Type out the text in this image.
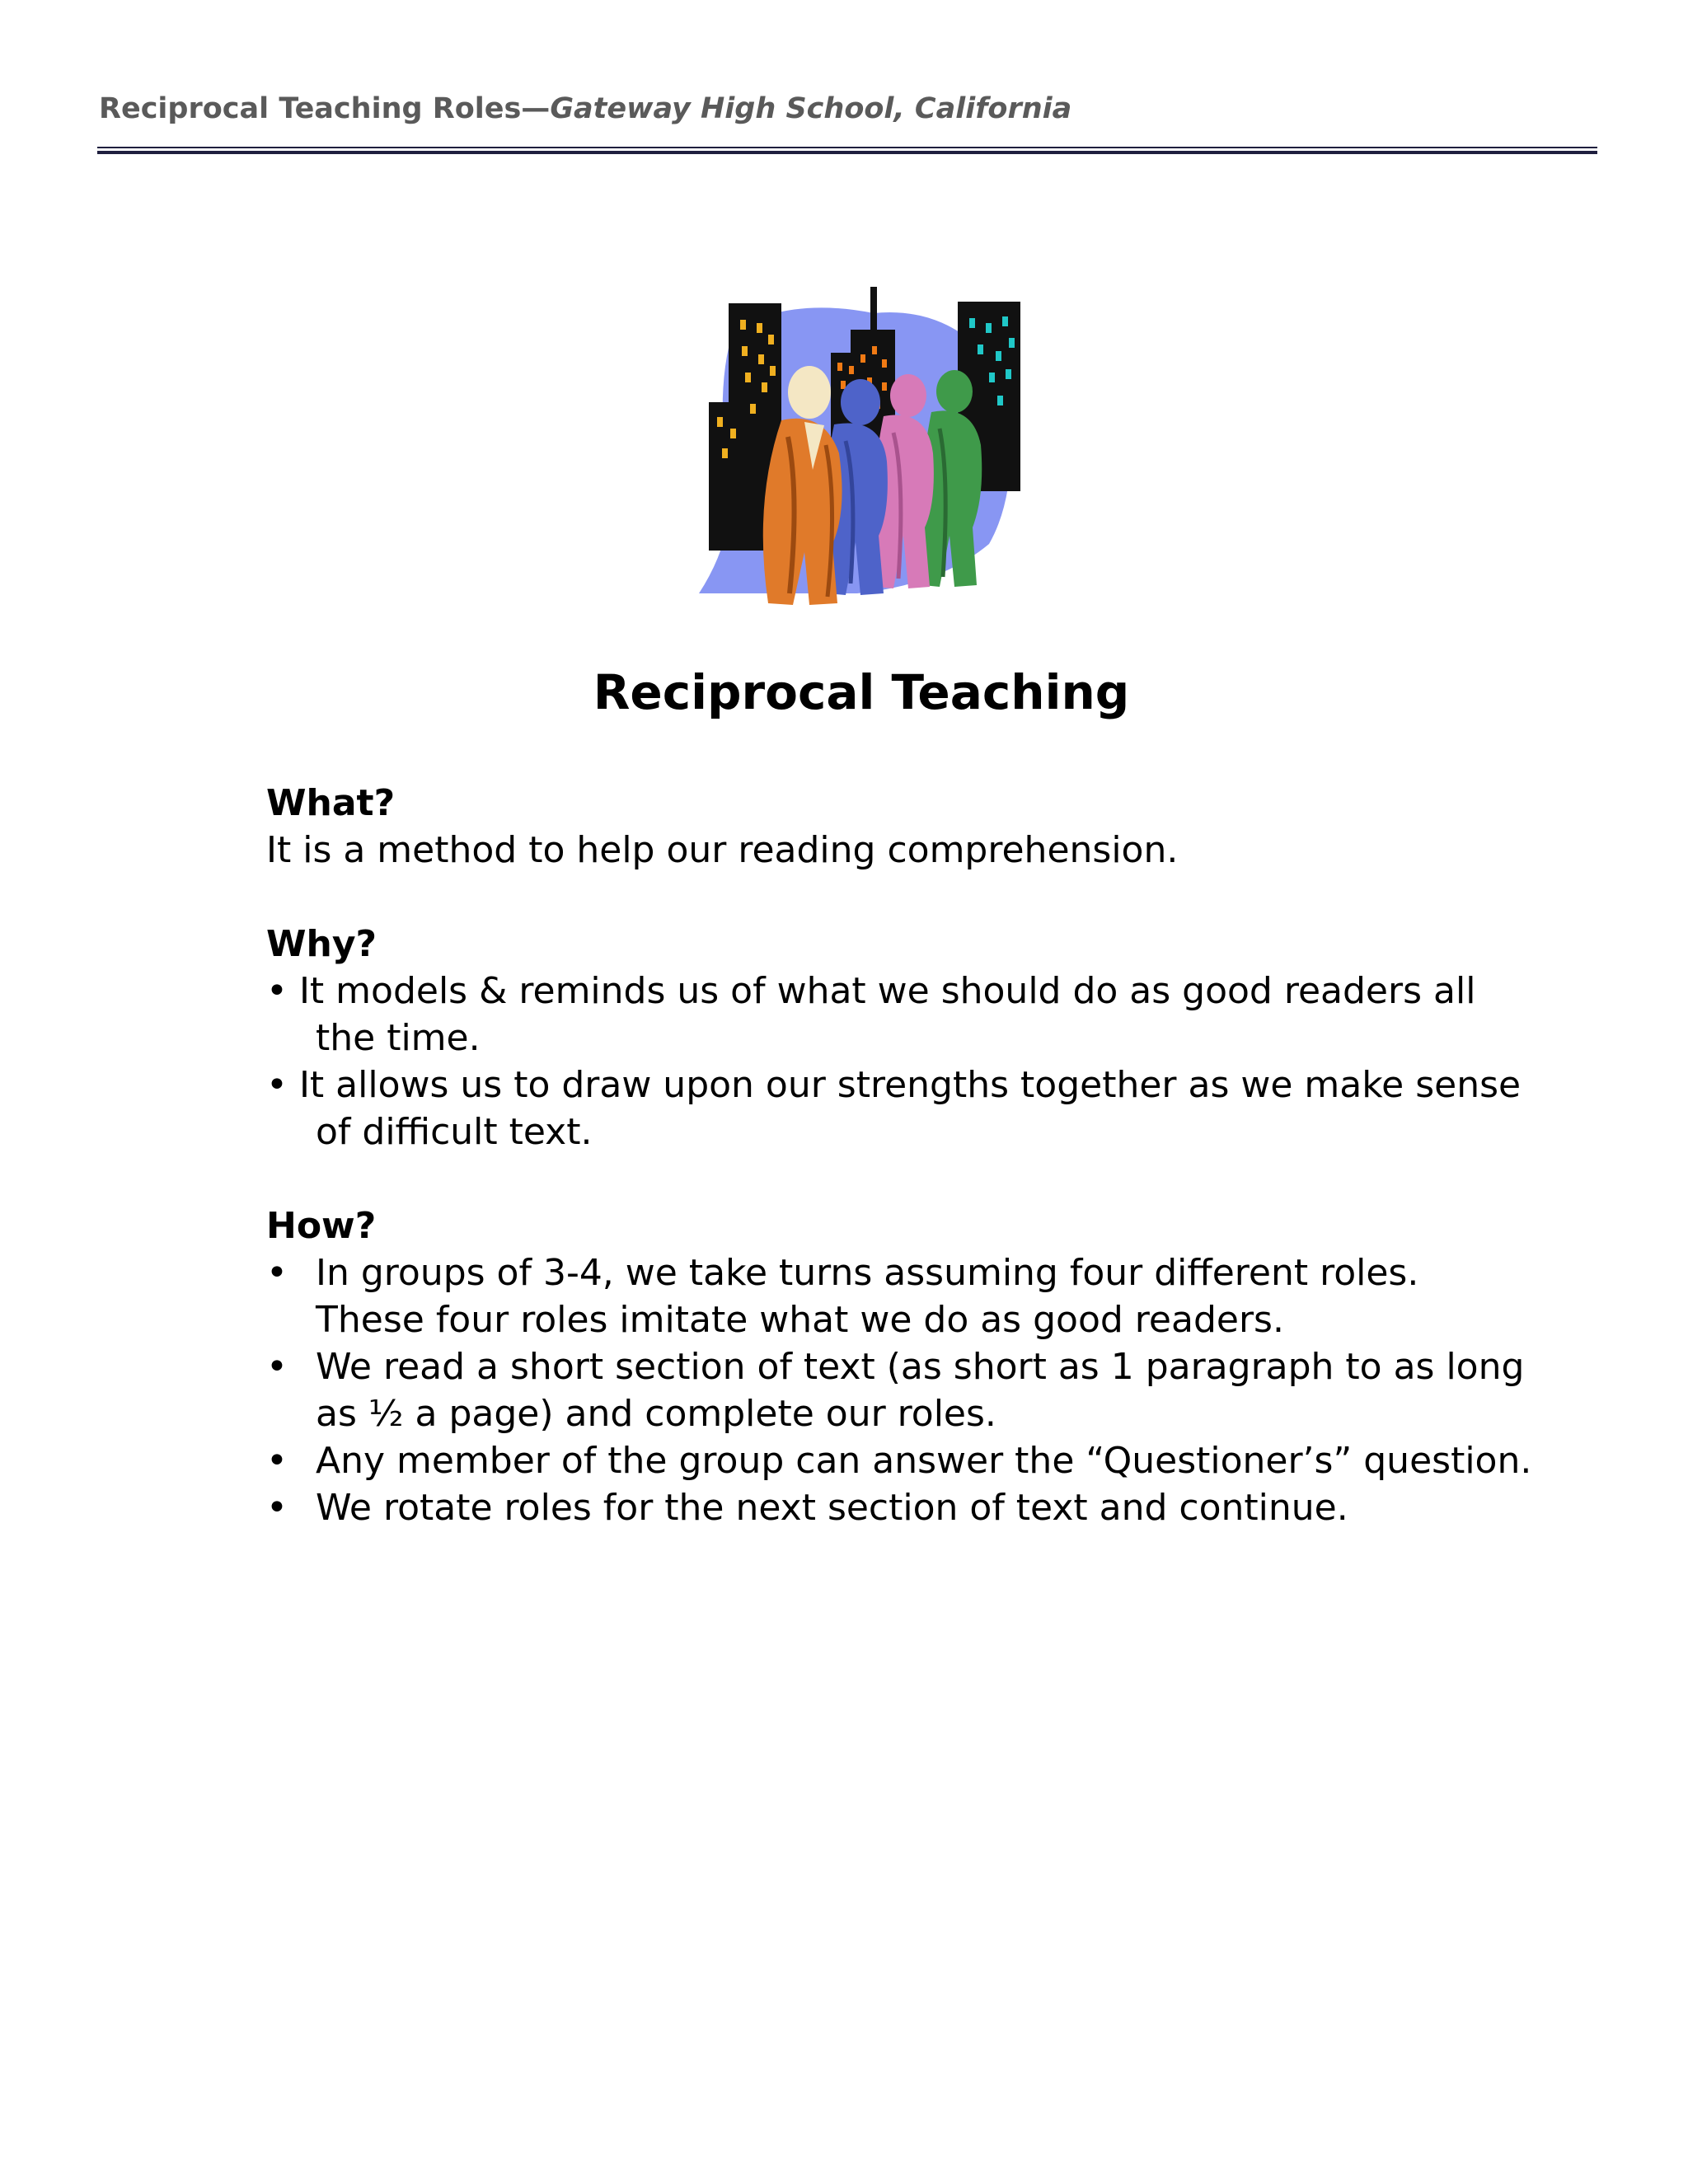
Reciprocal Teaching Roles—Gateway High School, California
Reciprocal Teaching
What?

It is a method to help our reading comprehension.

Why?
• It models & reminds us of what we should do as good readers all
the time.
• It allows us to draw upon our strengths together as we make sense
of difficult text.
How?
• In groups of 3-4, we take turns assuming four different roles.
These four roles imitate what we do as good readers.
• We read a short section of text (as short as 1 paragraph to as long
as ½ a page) and complete our roles.
• Any member of the group can answer the “Questioner’s” question.
• We rotate roles for the next section of text and continue.
